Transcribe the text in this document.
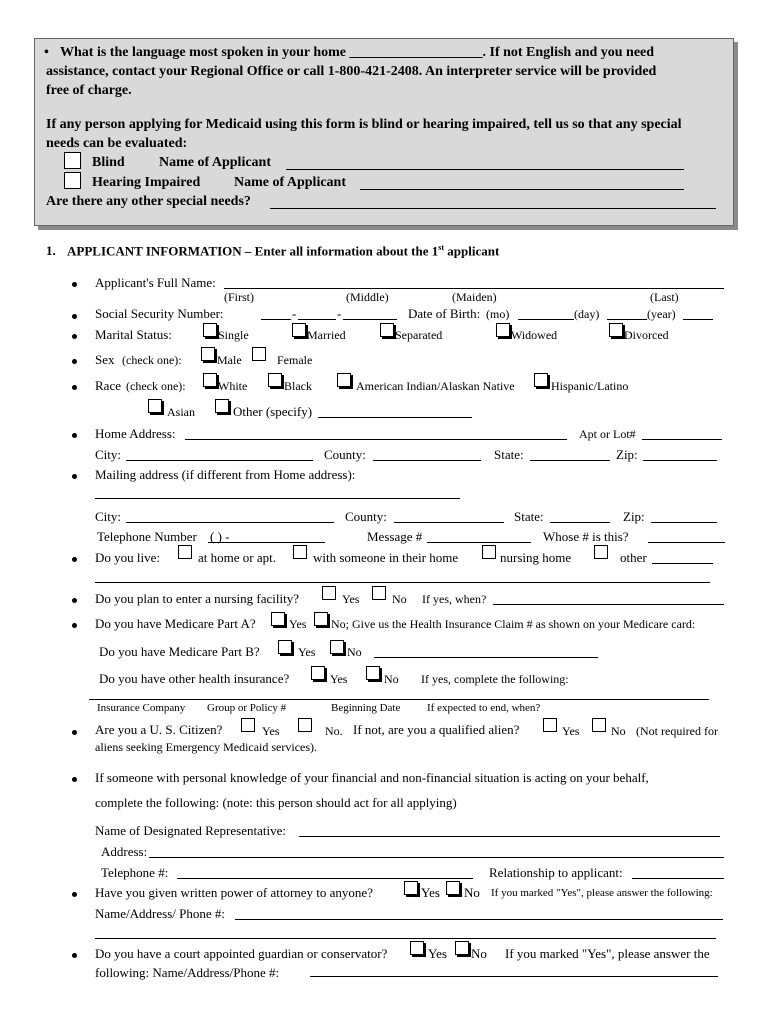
• What is the language most spoken in your home ___________________. If not English and you need
assistance, contact your Regional Office or call 1-800-421-2408. An interpreter service will be provided
free of charge.
If any person applying for Medicaid using this form is blind or hearing impaired, tell us so that any special
needs can be evaluated:
Blind Name of Applicant
Hearing Impaired Name of Applicant
Are there any other special needs?
1. APPLICANT INFORMATION – Enter all information about the 1st applicant
Applicant's Full Name:
(First)	(Middle)	(Maiden)	(Last)
Social Security Number:	-	-	Date of Birth: (mo)	(day)	(year)
Marital Status:	Single	Married	Separated	Widowed	Divorced
Sex (check one):	Male	Female
Race (check one):	White	Black	American Indian/Alaskan Native	Hispanic/Latino
Asian	Other (specify)
Home Address:	Apt or Lot#
City:	County:	State:	Zip:
Mailing address (if different from Home address):
City:	County:	State:	Zip:
Telephone Number ( ) -	Message #	Whose # is this?
Do you live:	at home or apt.	with someone in their home	nursing home	other
Do you plan to enter a nursing facility?	Yes	No If yes, when?
Do you have Medicare Part A?	Yes No; Give us the Health Insurance Claim # as shown on your Medicare card:
Do you have Medicare Part B?	Yes	No
Do you have other health insurance?	Yes	No If yes, complete the following:
Insurance Company Group or Policy #	Beginning Date If expected to end, when?
Are you a U. S. Citizen?	Yes	No. If not, are you a qualified alien?	Yes	No (Not required for
aliens seeking Emergency Medicaid services).
If someone with personal knowledge of your financial and non-financial situation is acting on your behalf,
complete the following: (note: this person should act for all applying)
Name of Designated Representative:
Address:
Telephone #:	Relationship to applicant:
Have you given written power of attorney to anyone?	Yes No If you marked "Yes", please answer the following:
Name/Address/ Phone #:
Do you have a court appointed guardian or conservator?	Yes No If you marked "Yes", please answer the
following: Name/Address/Phone #:
